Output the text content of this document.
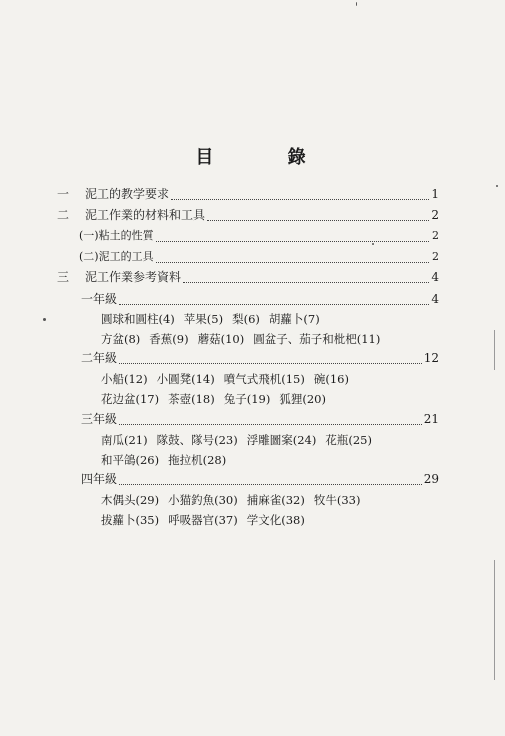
目 錄
一	泥工的教学要求	1
二	泥工作業的材料和工具	2
(一)粘土的性質	2
(二)泥工的工具	2
三	泥工作業参考資料	4
一年級	4
圓球和圓柱(4) 苹果(5) 梨(6) 胡蘿卜(7)
方盆(8) 香蕉(9) 蘑菇(10) 圓盆子、茄子和枇杷(11)
二年級	12
小船(12) 小圓凳(14) 噴气式飛机(15) 碗(16)
花边盆(17) 茶壺(18) 兔子(19) 狐狸(20)
三年級	21
南瓜(21) 隊鼓、隊号(23) 浮雕圖案(24) 花瓶(25)
和平鴿(26) 拖拉机(28)
四年級	29
木偶头(29) 小猫釣魚(30) 捕麻雀(32) 牧牛(33)
拔蘿卜(35) 呼吸器官(37) 学文化(38)
